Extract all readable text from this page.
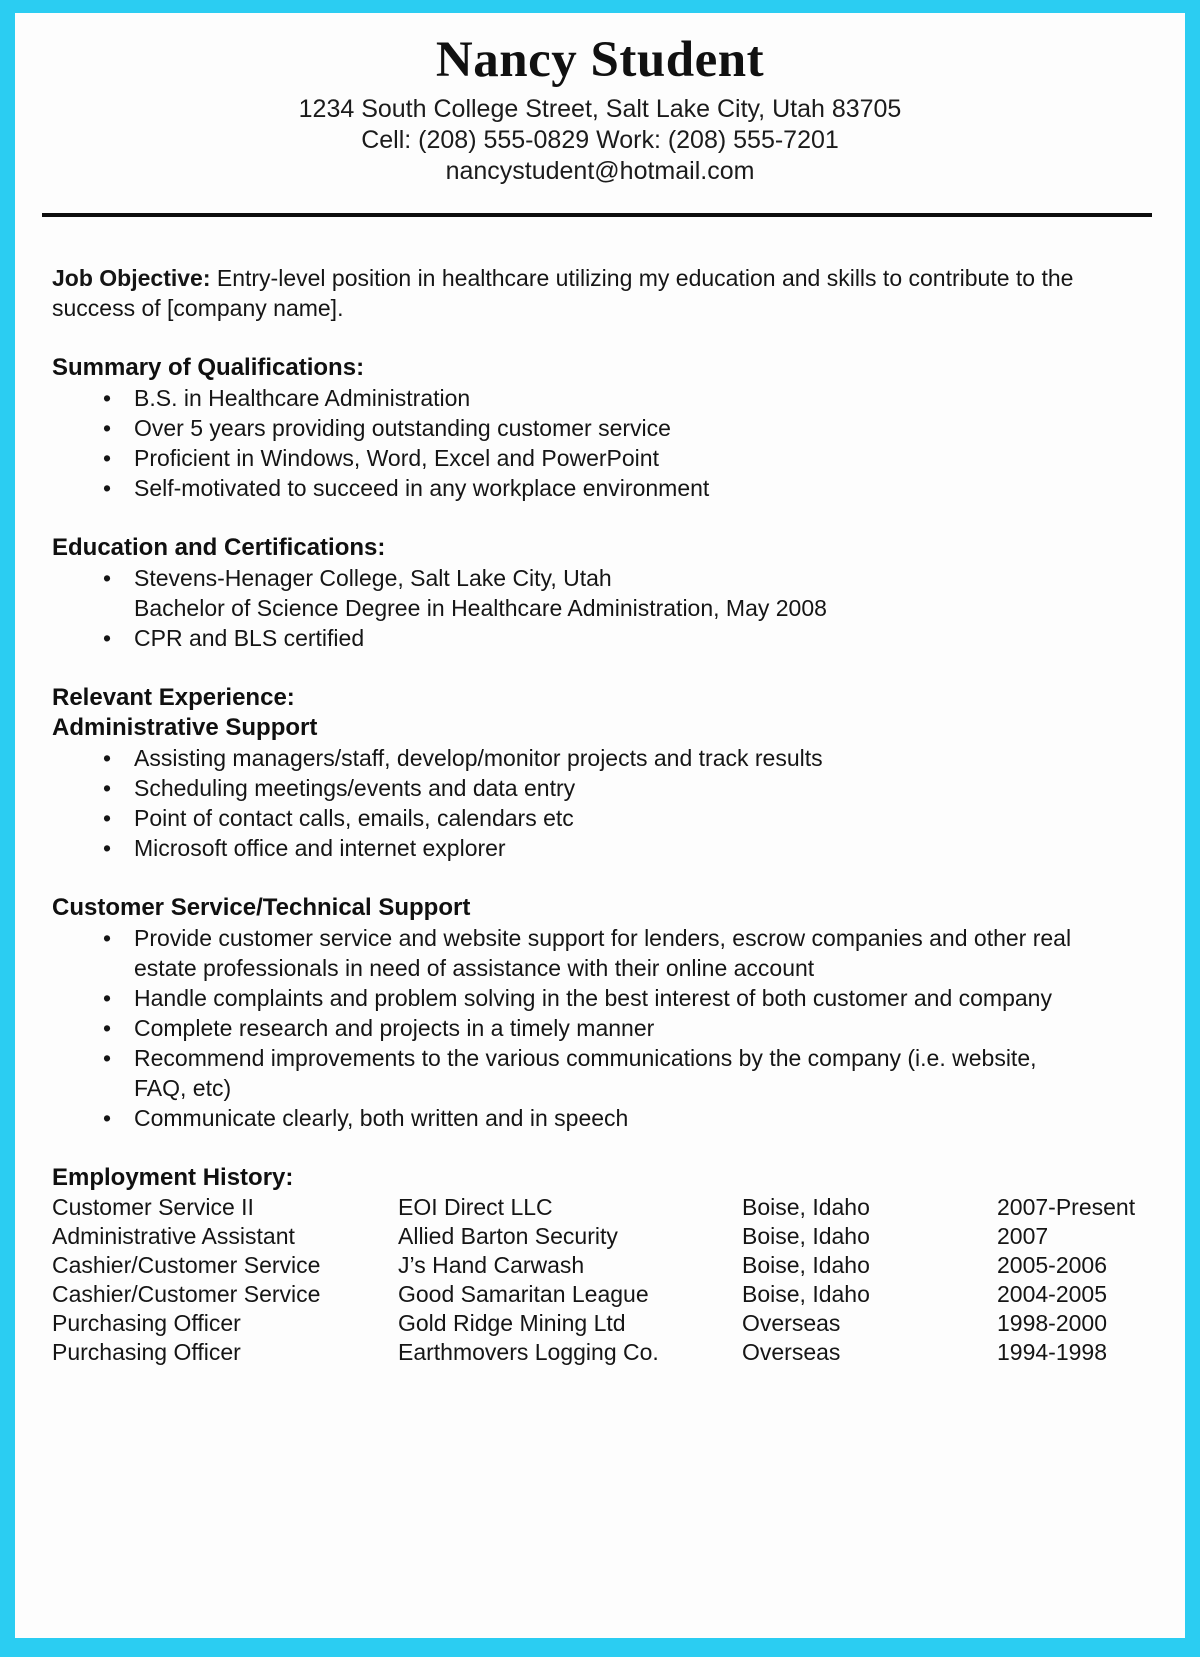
Nancy Student
1234 South College Street, Salt Lake City, Utah 83705
Cell: (208) 555-0829 Work: (208) 555-7201
nancystudent@hotmail.com
Job Objective: Entry-level position in healthcare utilizing my education and skills to contribute to the success of [company name].
Summary of Qualifications:
• B.S. in Healthcare Administration
• Over 5 years providing outstanding customer service
• Proficient in Windows, Word, Excel and PowerPoint
• Self-motivated to succeed in any workplace environment
Education and Certifications:
• Stevens-Henager College, Salt Lake City, Utah
Bachelor of Science Degree in Healthcare Administration, May 2008
• CPR and BLS certified
Relevant Experience:
Administrative Support
• Assisting managers/staff, develop/monitor projects and track results
• Scheduling meetings/events and data entry
• Point of contact calls, emails, calendars etc
• Microsoft office and internet explorer
Customer Service/Technical Support
• Provide customer service and website support for lenders, escrow companies and other real estate professionals in need of assistance with their online account
• Handle complaints and problem solving in the best interest of both customer and company
• Complete research and projects in a timely manner
• Recommend improvements to the various communications by the company (i.e. website, FAQ, etc)
• Communicate clearly, both written and in speech
Employment History:
Customer Service II	EOI Direct LLC	Boise, Idaho	2007-Present
Administrative Assistant	Allied Barton Security	Boise, Idaho	2007
Cashier/Customer Service	J’s Hand Carwash	Boise, Idaho	2005-2006
Cashier/Customer Service	Good Samaritan League	Boise, Idaho	2004-2005
Purchasing Officer	Gold Ridge Mining Ltd	Overseas	1998-2000
Purchasing Officer	Earthmovers Logging Co.	Overseas	1994-1998
